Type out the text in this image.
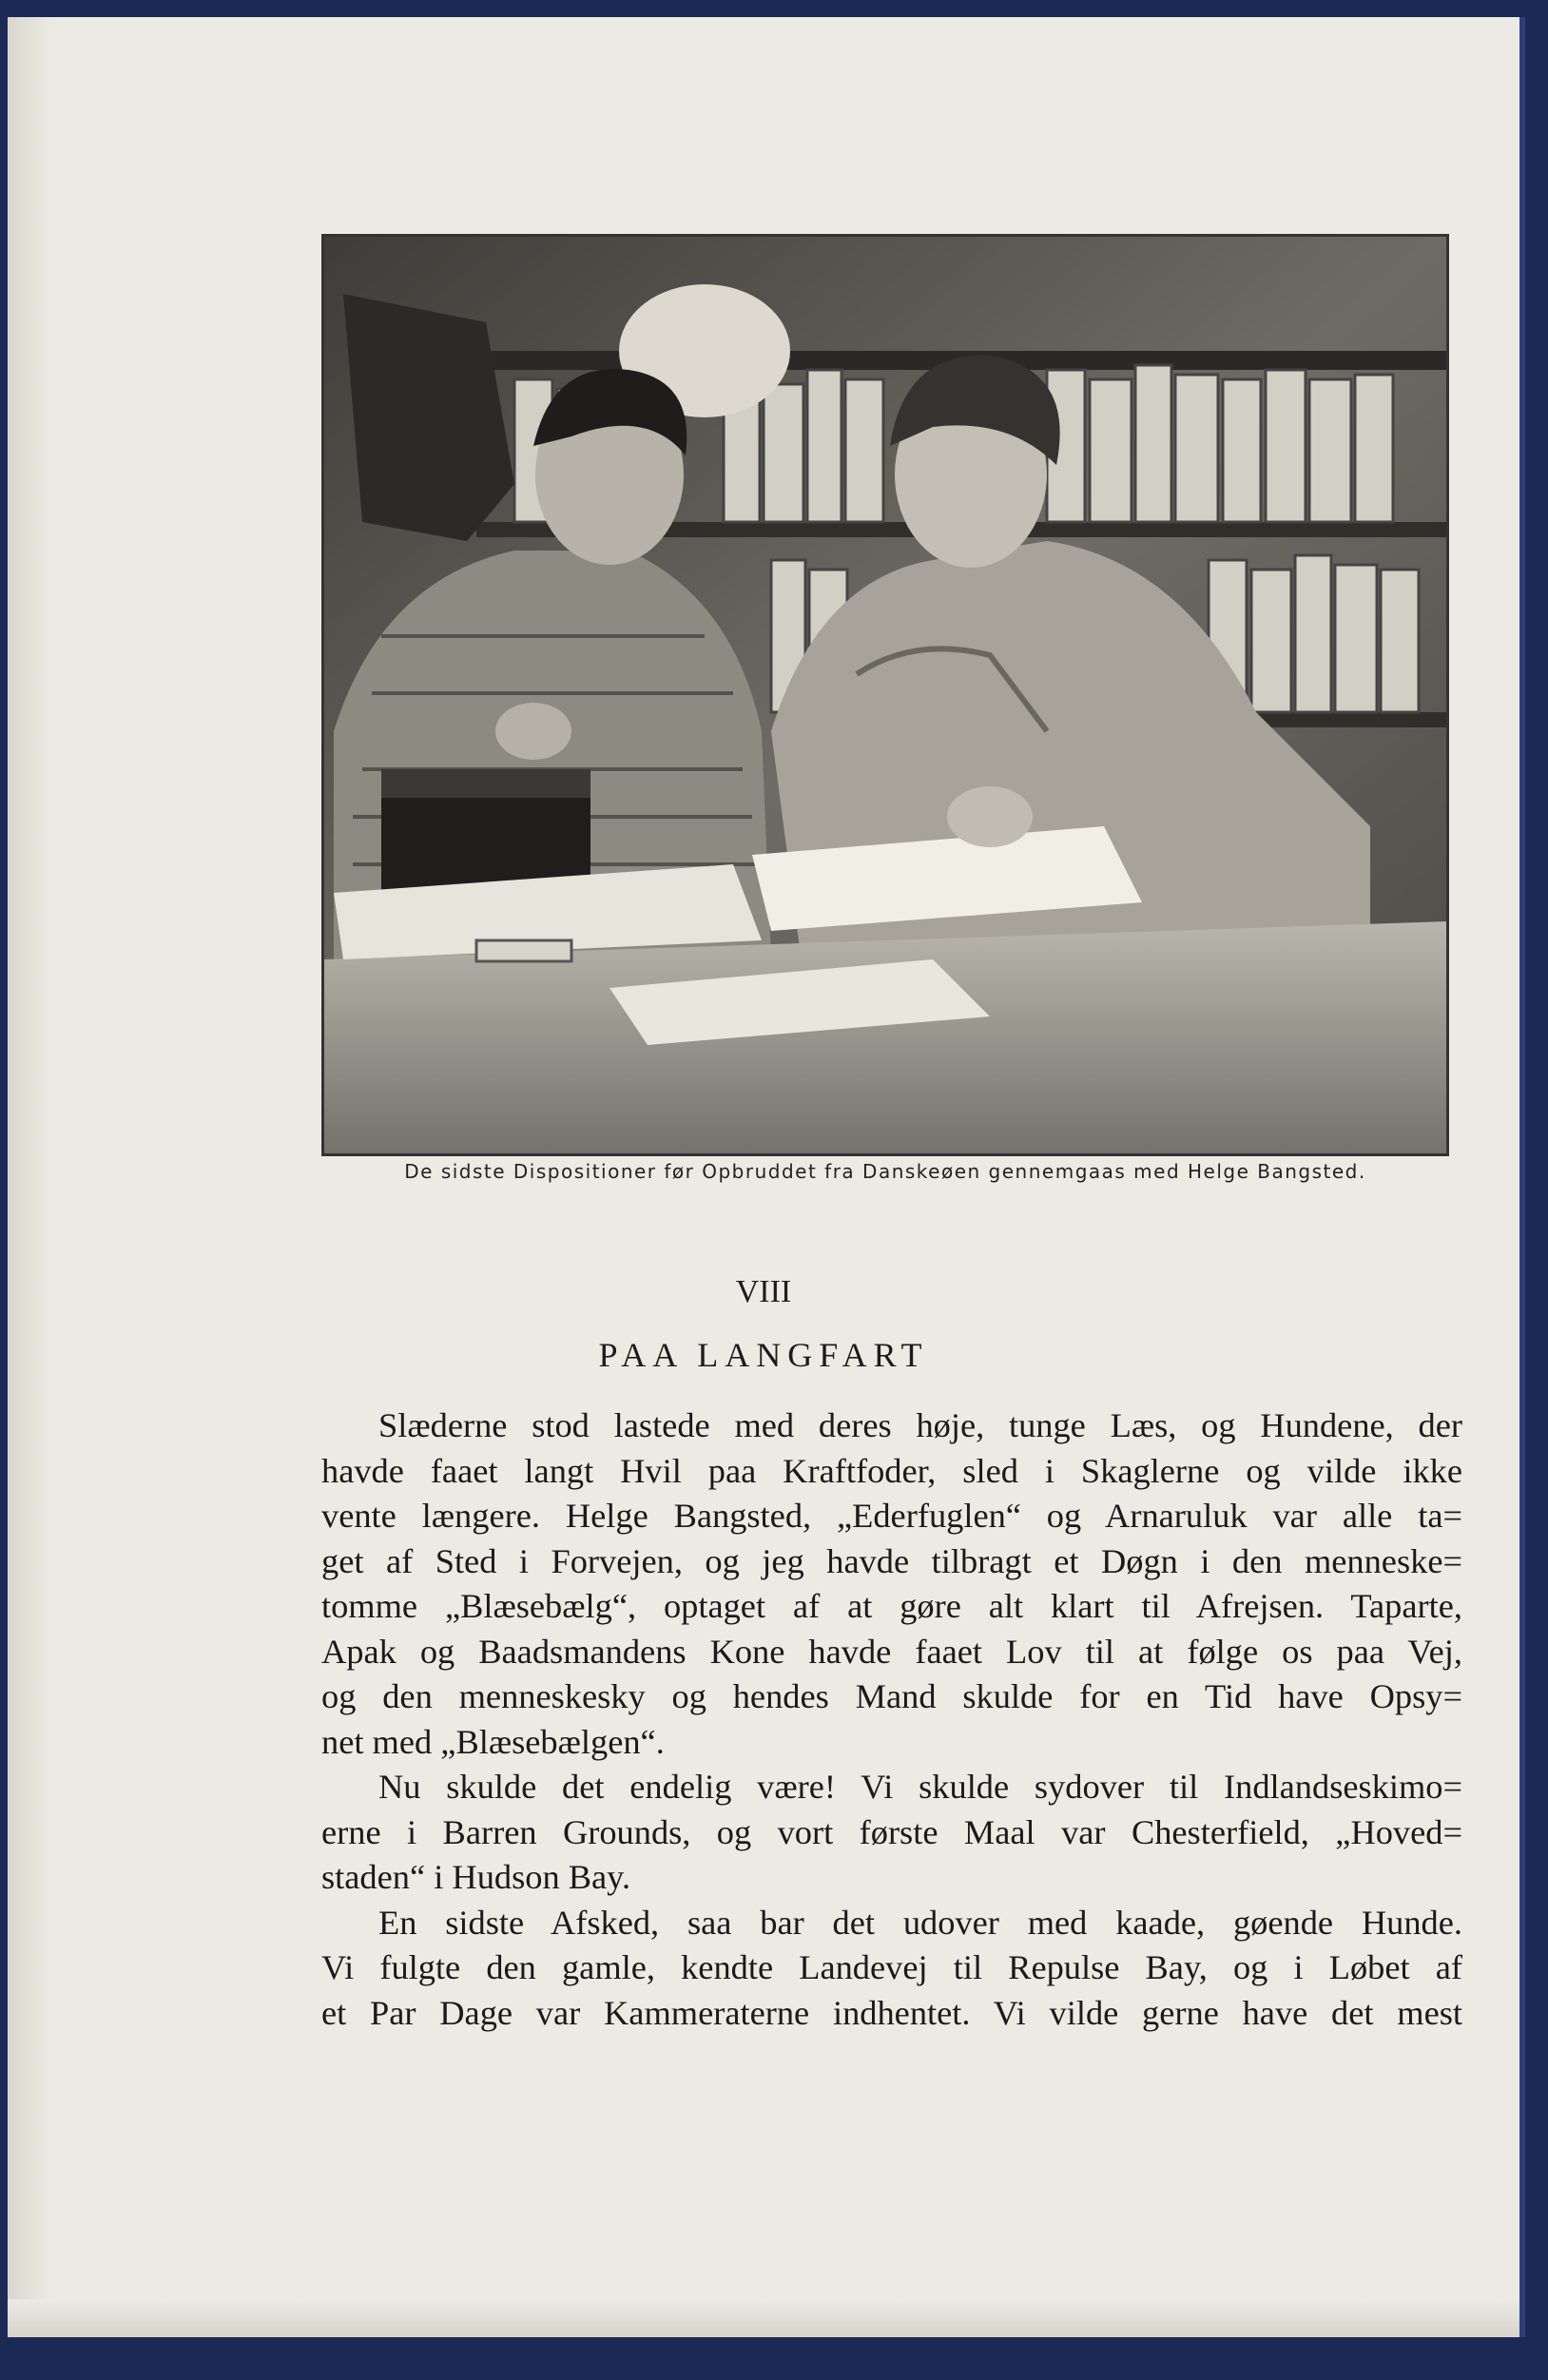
De sidste Dispositioner før Opbruddet fra Danskeøen gennemgaas med Helge Bangsted.
VIII
PAA LANGFART
Slæderne stod lastede med deres høje, tunge Læs, og Hundene, der
havde faaet langt Hvil paa Kraftfoder, sled i Skaglerne og vilde ikke
vente længere. Helge Bangsted, „Ederfuglen“ og Arnaruluk var alle ta=
get af Sted i Forvejen, og jeg havde tilbragt et Døgn i den menneske=
tomme „Blæsebælg“, optaget af at gøre alt klart til Afrejsen. Taparte,
Apak og Baadsmandens Kone havde faaet Lov til at følge os paa Vej,
og den menneskesky og hendes Mand skulde for en Tid have Opsy=
net med „Blæsebælgen“.
Nu skulde det endelig være! Vi skulde sydover til Indlandseskimo=
erne i Barren Grounds, og vort første Maal var Chesterfield, „Hoved=
staden“ i Hudson Bay.
En sidste Afsked, saa bar det udover med kaade, gøende Hunde.
Vi fulgte den gamle, kendte Landevej til Repulse Bay, og i Løbet af
et Par Dage var Kammeraterne indhentet. Vi vilde gerne have det mest
